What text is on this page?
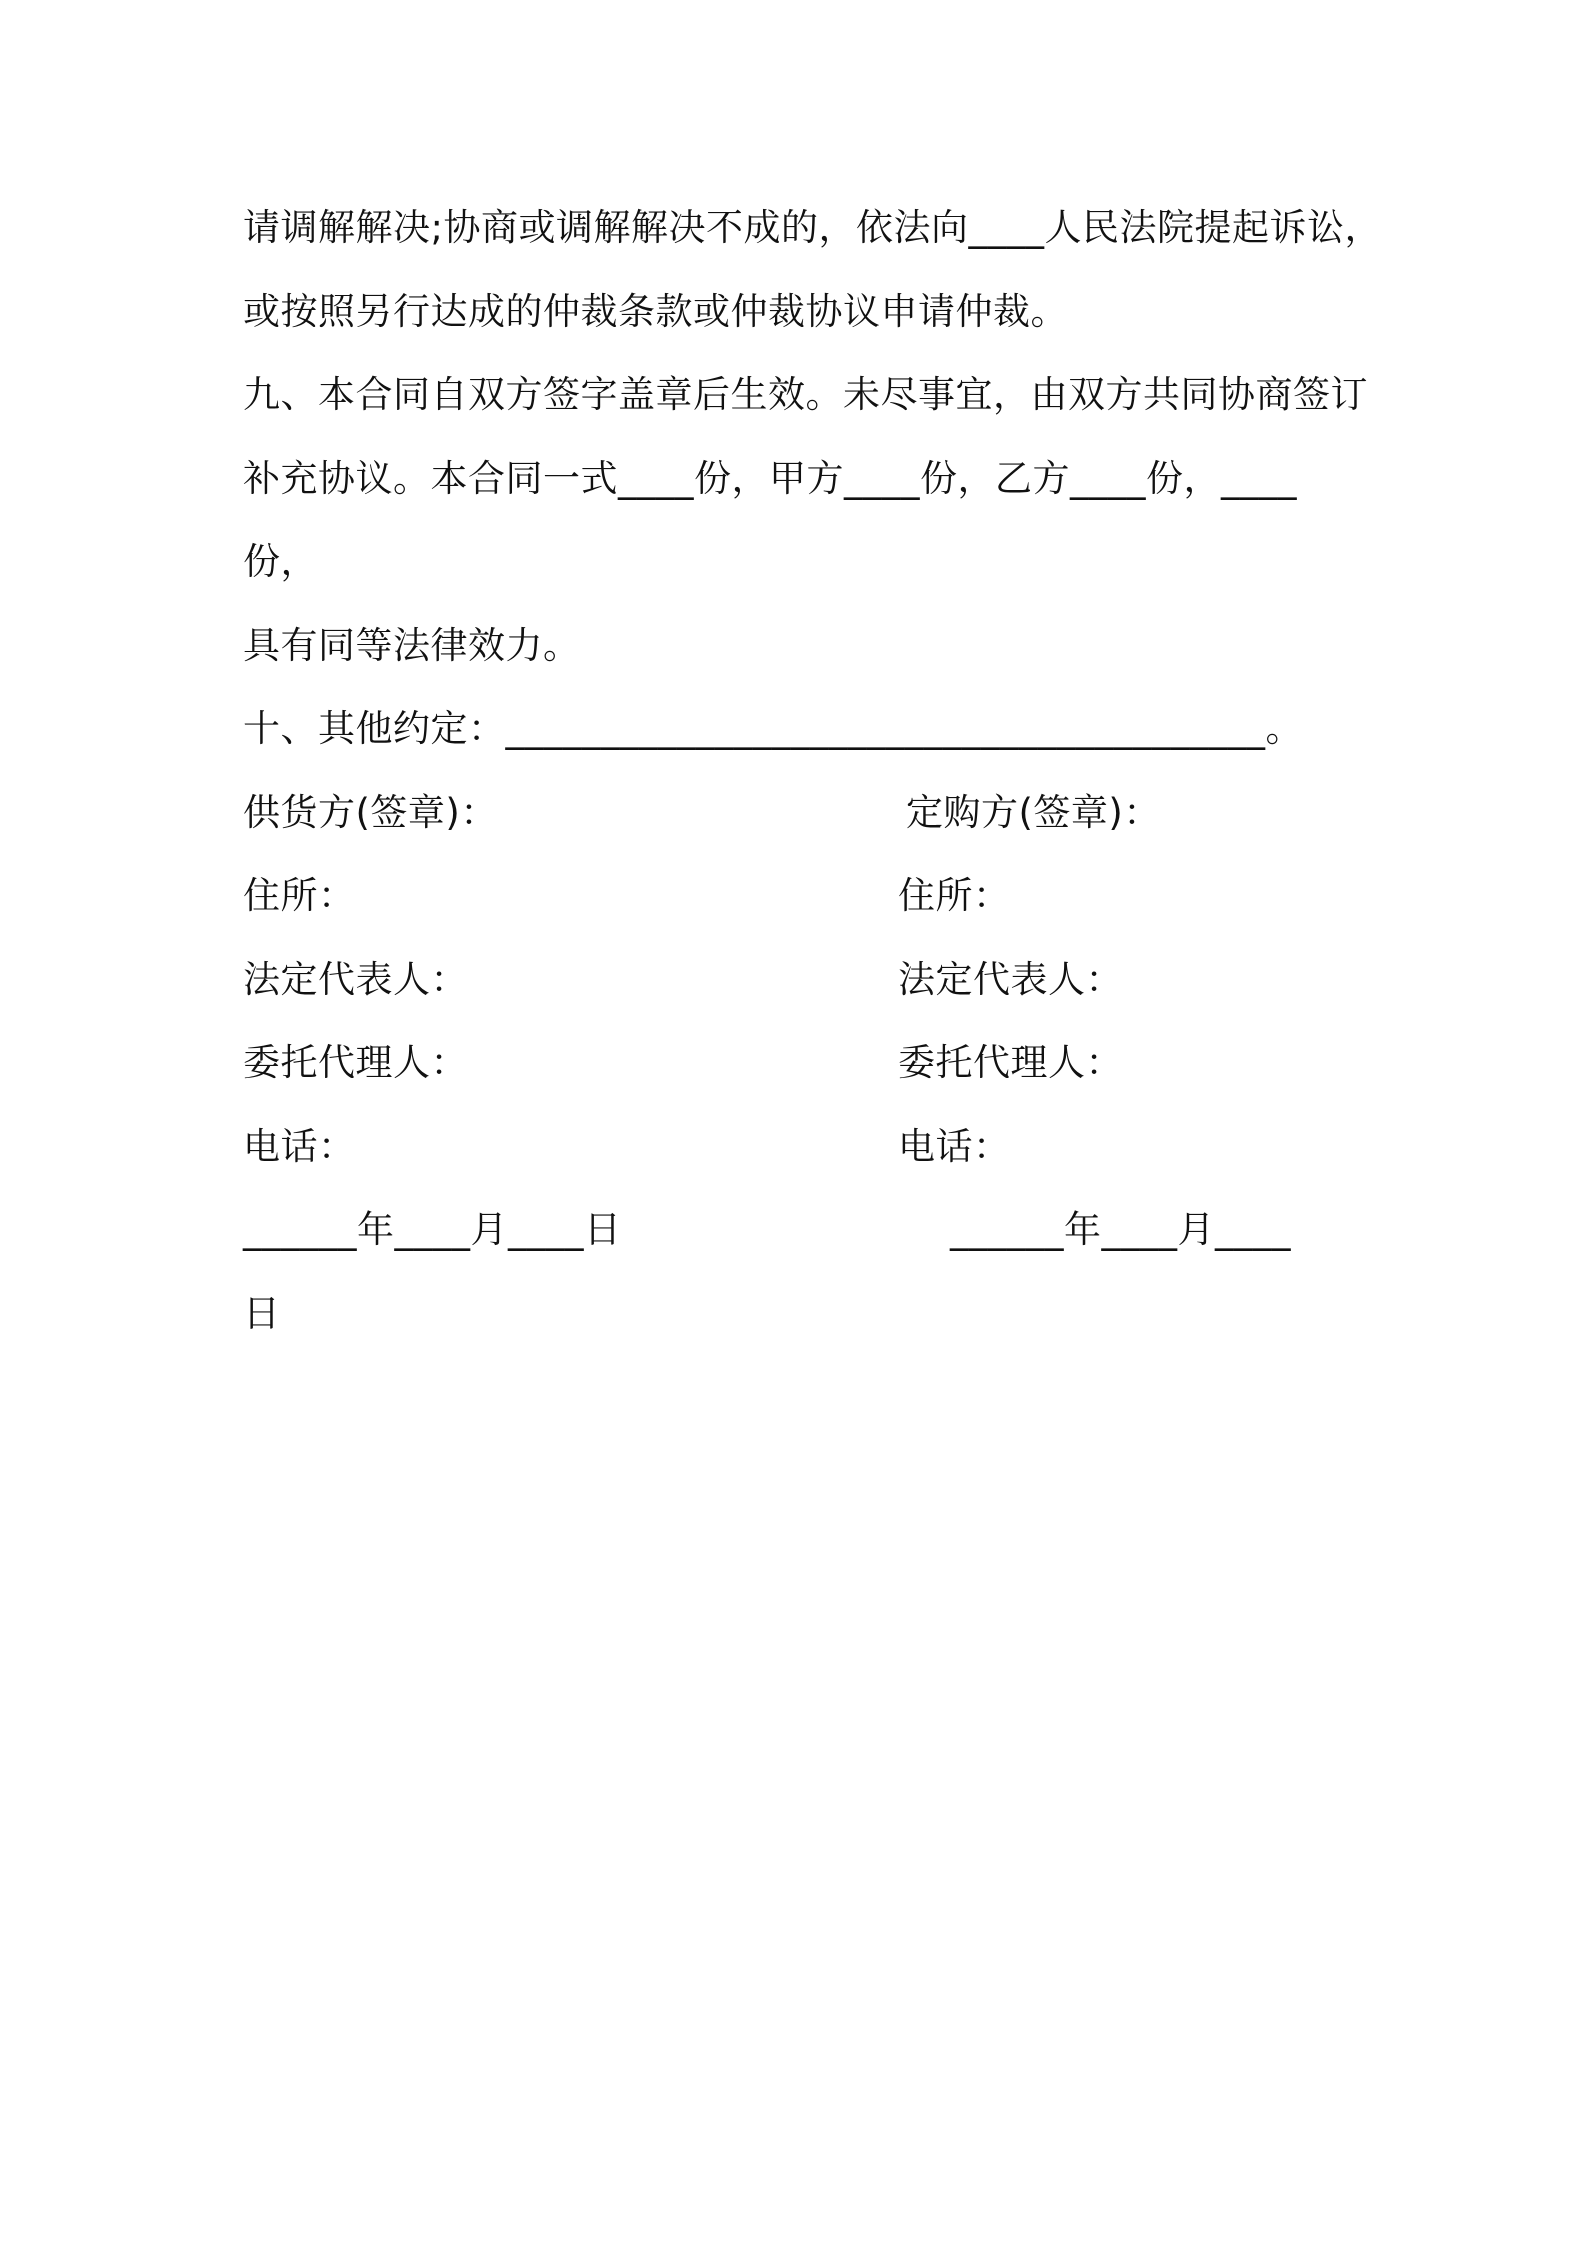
请调解解决;协商或调解解决不成的，依法向____人民法院提起诉讼，
或按照另行达成的仲裁条款或仲裁协议申请仲裁。
九、本合同自双方签字盖章后生效。未尽事宜，由双方共同协商签订
补充协议。本合同一式____份，甲方____份，乙方____份，____
份，
具有同等法律效力。
十、其他约定：________________________________________。
供货方(签章)：
住所：
法定代表人：
委托代理人：
电话：
______年____月____日
定购方(签章)：
住所：
法定代表人：
委托代理人：
电话：
______年____月____
日
